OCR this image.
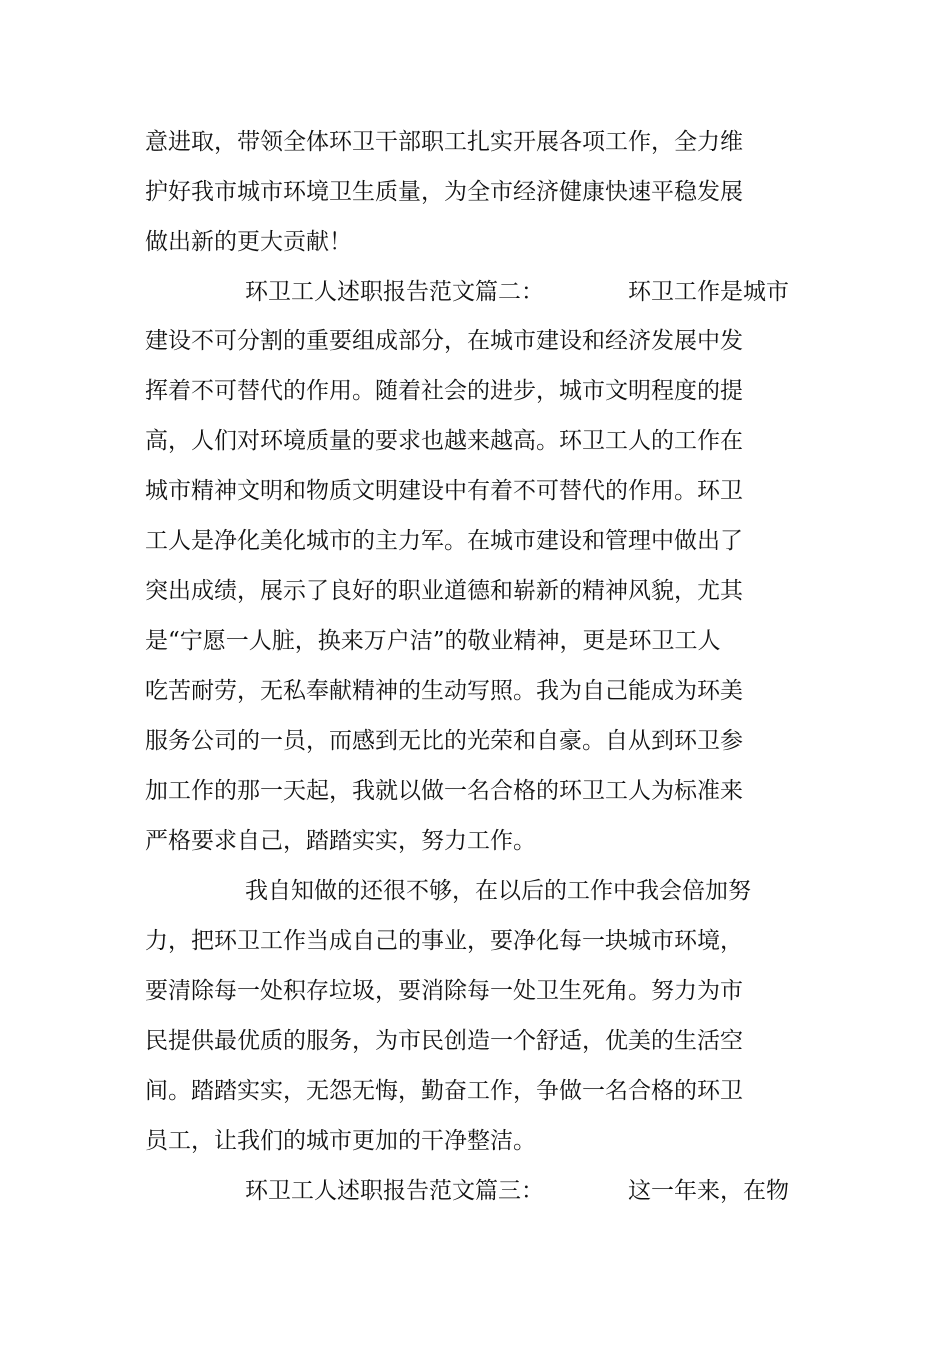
意进取，带领全体环卫干部职工扎实开展各项工作，全力维
护好我市城市环境卫生质量，为全市经济健康快速平稳发展
做出新的更大贡献！
环卫工人述职报告范文篇二：	环卫工作是城市
建设不可分割的重要组成部分，在城市建设和经济发展中发
挥着不可替代的作用。随着社会的进步，城市文明程度的提
高，人们对环境质量的要求也越来越高。环卫工人的工作在
城市精神文明和物质文明建设中有着不可替代的作用。环卫
工人是净化美化城市的主力军。在城市建设和管理中做出了
突出成绩，展示了良好的职业道德和崭新的精神风貌，尤其
是“宁愿一人脏，换来万户洁”的敬业精神，更是环卫工人
吃苦耐劳，无私奉献精神的生动写照。我为自己能成为环美
服务公司的一员，而感到无比的光荣和自豪。自从到环卫参
加工作的那一天起，我就以做一名合格的环卫工人为标准来
严格要求自己，踏踏实实，努力工作。
我自知做的还很不够，在以后的工作中我会倍加努
力，把环卫工作当成自己的事业，要净化每一块城市环境，
要清除每一处积存垃圾，要消除每一处卫生死角。努力为市
民提供最优质的服务，为市民创造一个舒适，优美的生活空
间。踏踏实实，无怨无悔，勤奋工作，争做一名合格的环卫
员工，让我们的城市更加的干净整洁。
环卫工人述职报告范文篇三：	这一年来，在物
